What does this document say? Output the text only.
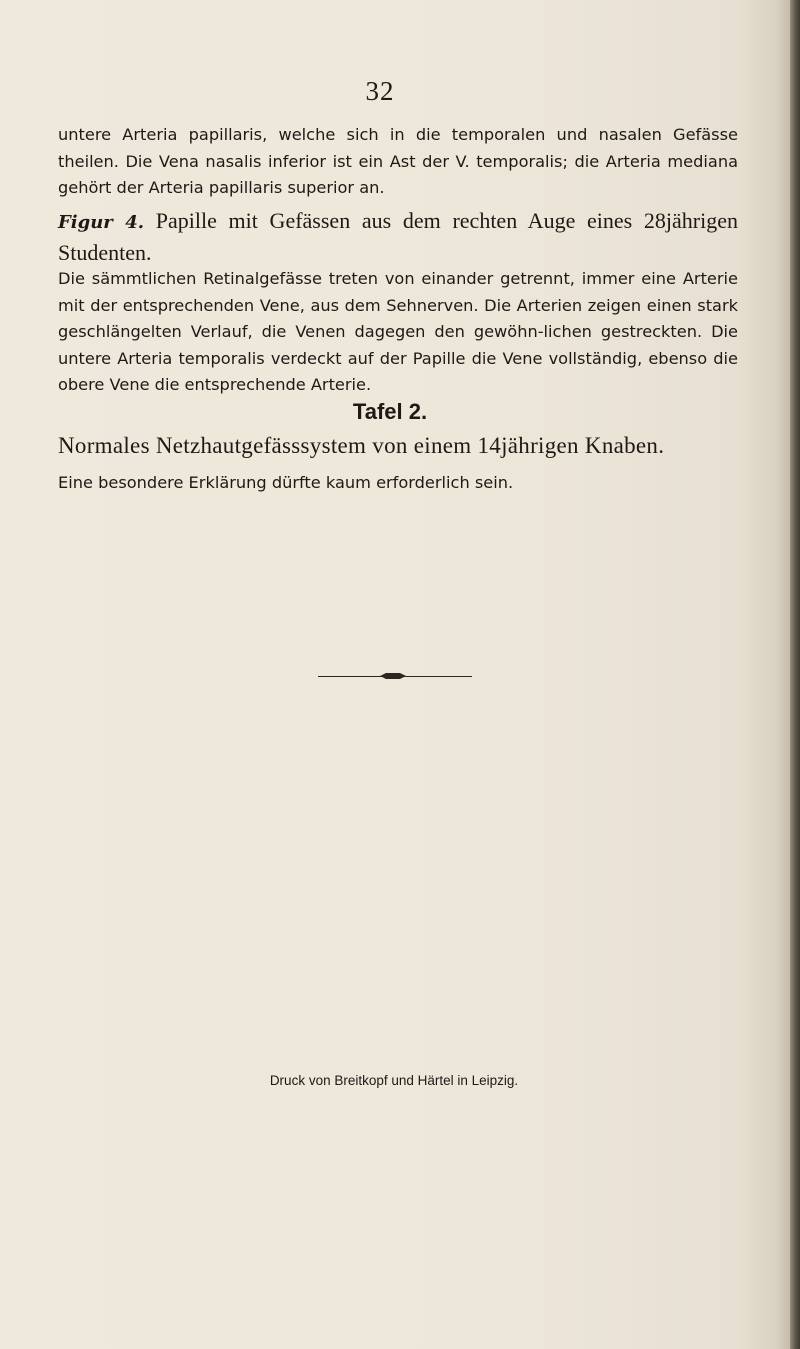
32
untere Arteria papillaris, welche sich in die temporalen und nasalen Gefässe theilen. Die Vena nasalis inferior ist ein Ast der V. temporalis; die Arteria mediana gehört der Arteria papillaris superior an.
Figur 4. Papille mit Gefässen aus dem rechten Auge eines 28jährigen Studenten.
Die sämmtlichen Retinalgefässe treten von einander getrennt, immer eine Arterie mit der entsprechenden Vene, aus dem Sehnerven. Die Arterien zeigen einen stark geschlängelten Verlauf, die Venen dagegen den gewöhn-lichen gestreckten. Die untere Arteria temporalis verdeckt auf der Papille die Vene vollständig, ebenso die obere Vene die entsprechende Arterie.
Tafel 2.
Normales Netzhautgefässsystem von einem 14jährigen Knaben.
Eine besondere Erklärung dürfte kaum erforderlich sein.
Druck von Breitkopf und Härtel in Leipzig.
